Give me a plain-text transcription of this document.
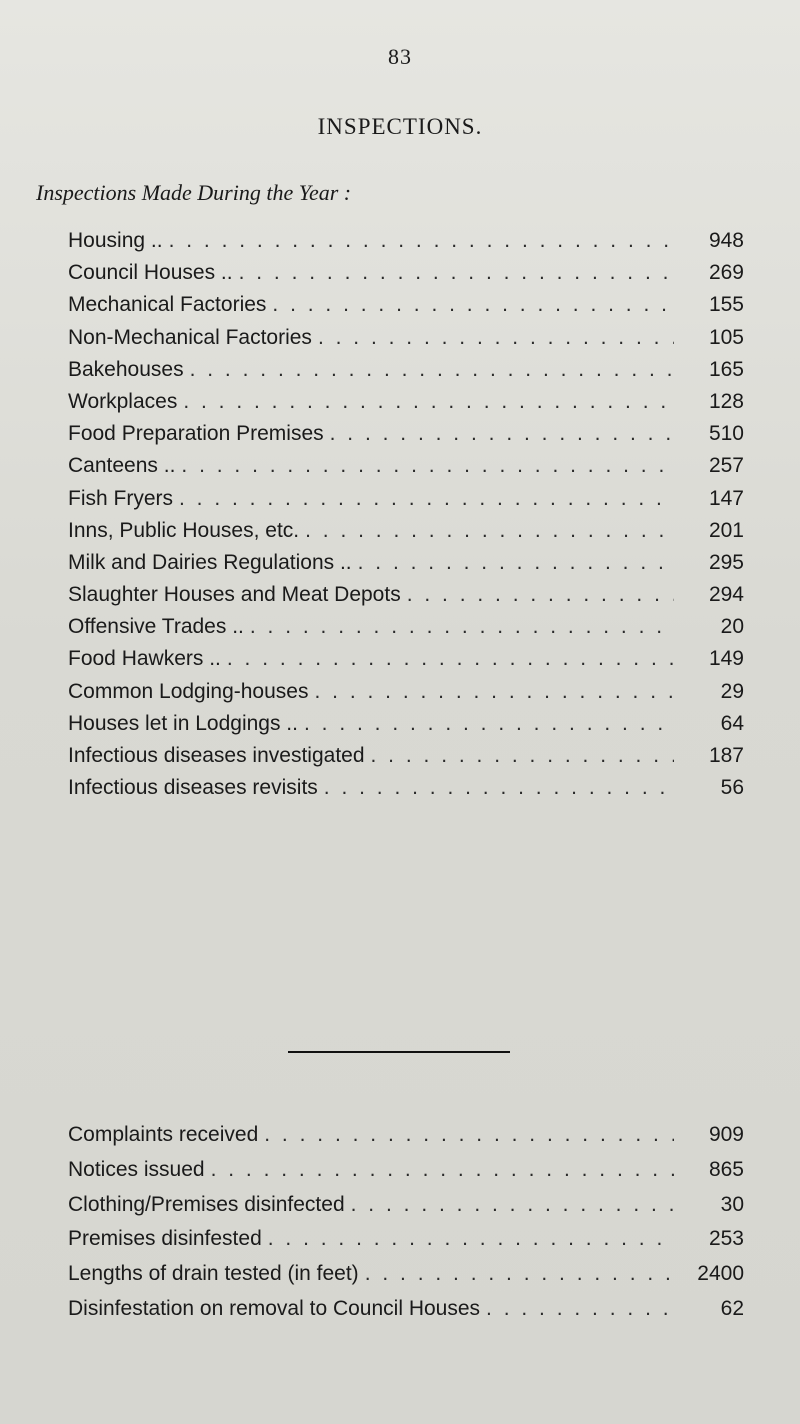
83
INSPECTIONS.
Inspections Made During the Year :
Housing .. . . .	948
Council Houses .. . . .	269
Mechanical Factories . . .	155
Non-Mechanical Factories . . .	105
Bakehouses . . .	165
Workplaces . . .	128
Food Preparation Premises . . .	510
Canteens .. . . .	257
Fish Fryers . . .	147
Inns, Public Houses, etc. . . .	201
Milk and Dairies Regulations .. . . .	295
Slaughter Houses and Meat Depots . . .	294
Offensive Trades .. . . .	20
Food Hawkers .. . . .	149
Common Lodging-houses . . .	29
Houses let in Lodgings .. . . .	64
Infectious diseases investigated . . .	187
Infectious diseases revisits . . .	56
Complaints received . . .	909
Notices issued . . .	865
Clothing/Premises disinfected . . .	30
Premises disinfested . . .	253
Lengths of drain tested (in feet) . . .	2400
Disinfestation on removal to Council Houses . . .	62
